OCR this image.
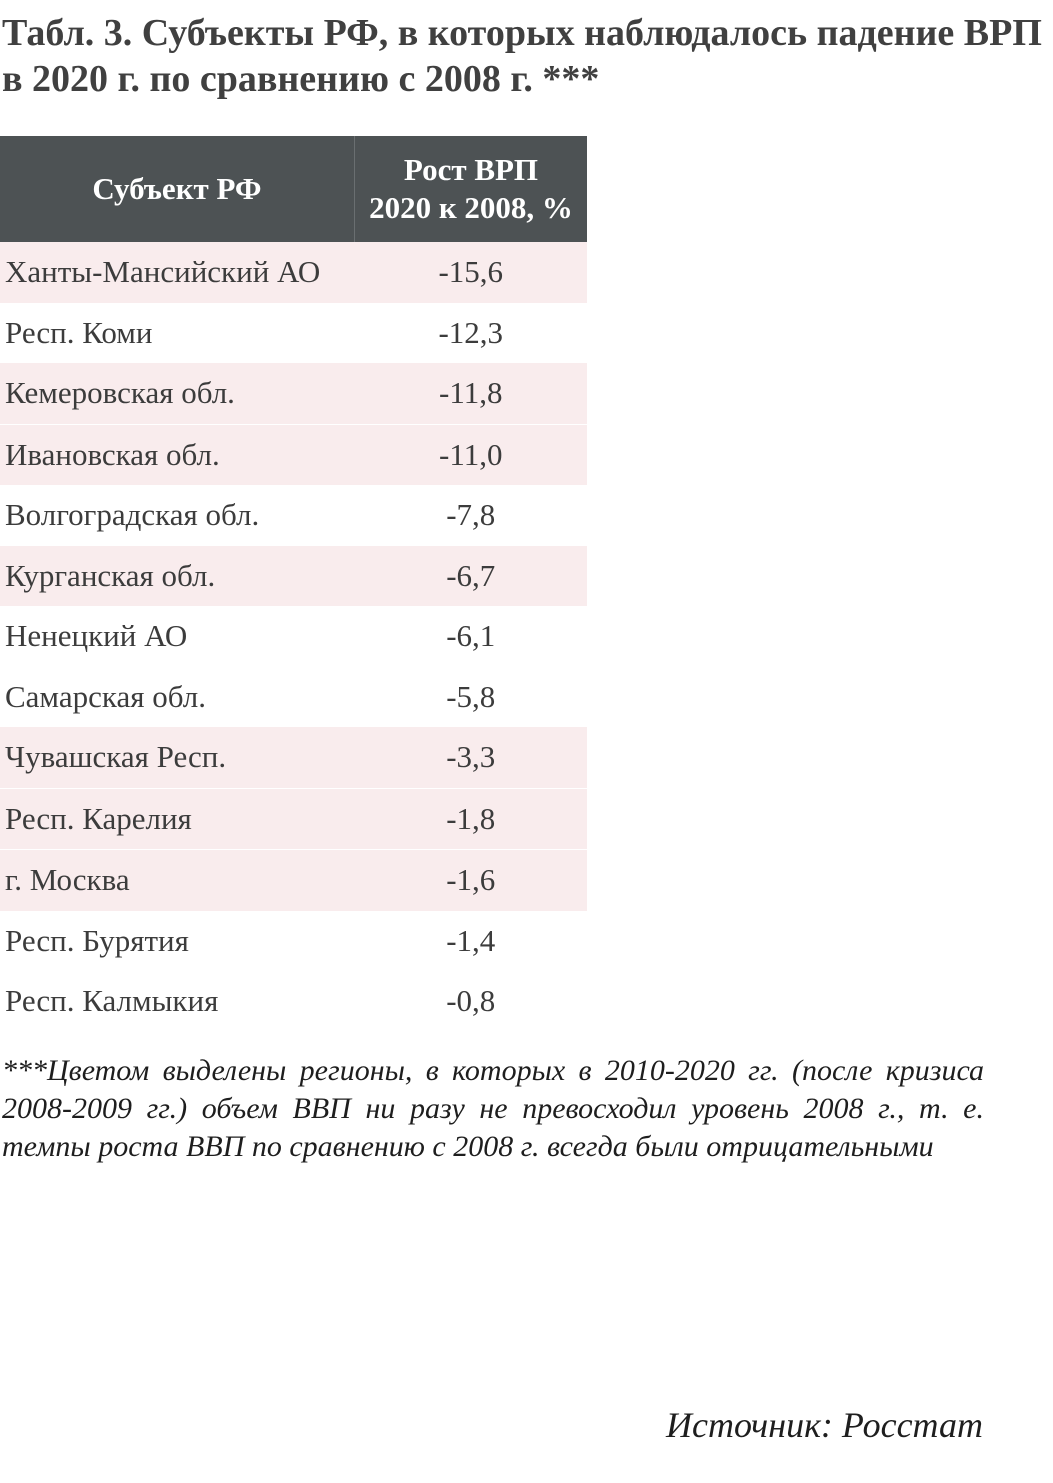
Табл. 3. Субъекты РФ, в которых наблюдалось падение ВРП в 2020 г. по сравнению с 2008 г. ***
Субъект РФ	Рост ВРП
2020 к 2008, %
Ханты-Мансийский АО	-15,6
Респ. Коми	-12,3
Кемеровская обл.	-11,8
Ивановская обл.	-11,0
Волгоградская обл.	-7,8
Курганская обл.	-6,7
Ненецкий АО	-6,1
Самарская обл.	-5,8
Чувашская Респ.	-3,3
Респ. Карелия	-1,8
г. Москва	-1,6
Респ. Бурятия	-1,4
Респ. Калмыкия	-0,8

***Цветом выделены регионы, в которых в 2010-2020 гг. (после кризиса 2008-2009 гг.) объем ВВП ни разу не превосходил уровень 2008 г., т. е. темпы роста ВВП по сравнению с 2008 г. всегда были отрицательными

Источник: Росстат
